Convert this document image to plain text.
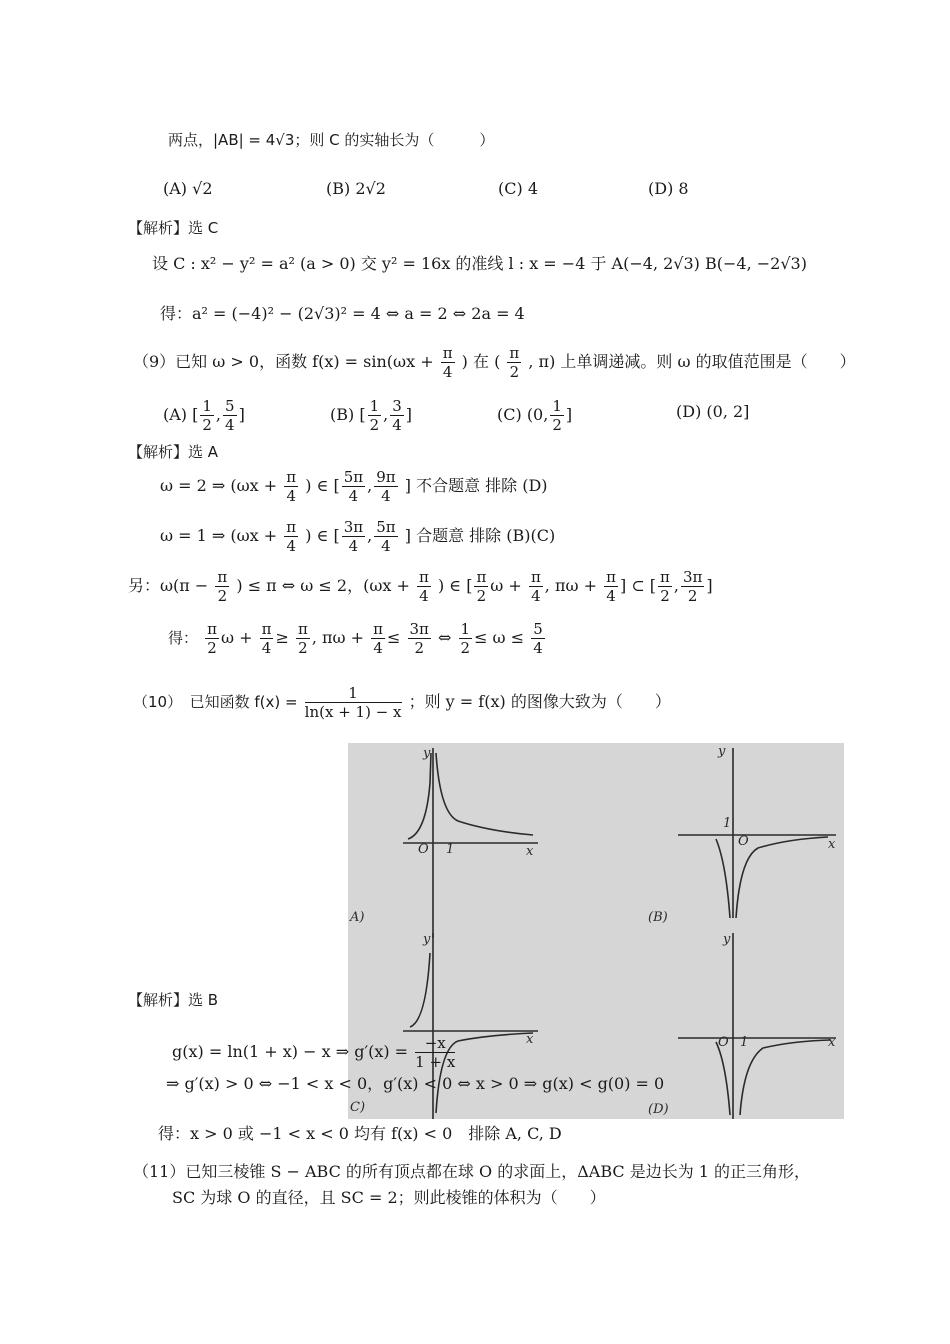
两点，|AB| = 4√3；则 C 的实轴长为（　　　）
(A) √2	(B) 2√2	(C) 4	(D) 8
【解析】选 C
设 C : x² − y² = a² (a > 0) 交 y² = 16x 的准线 l : x = −4 于 A(−4, 2√3) B(−4, −2√3)
得：a² = (−4)² − (2√3)² = 4 ⇔ a = 2 ⇔ 2a = 4
（9）已知 ω > 0，函数 $f(x) = \sin(\omega x + \frac{\pi}{4}$ ) 在 ( $\frac{\pi}{2}$ , π) 上单调递减。则 ω 的取值范围是（　　）
(A) [ $\frac{1}{2}$ , $\frac{5}{4}$ ]	(B) [ $\frac{1}{2}$ , $\frac{3}{4}$ ]	(C) (0, $\frac{1}{2}$ ]	(D) (0, 2]
【解析】选 A
ω = 2 ⇒ ($\omega x + \frac{\pi}{4}$ ) ∈ [ $\frac{5\pi}{4}$ , $\frac{9\pi}{4}$ ] 不合题意 排除 (D)
ω = 1 ⇒ ($\omega x + \frac{\pi}{4}$ ) ∈ [ $\frac{3\pi}{4}$ , $\frac{5\pi}{4}$ ] 合题意 排除 (B)(C)
另：$\omega(\pi - \frac{\pi}{2}$ ) ≤ π ⇔ ω ≤ 2，($\omega x + \frac{\pi}{4}$ ) ∈ [ $\frac{\pi}{2}$ $\omega + \frac{\pi}{4}$ , $\pi\omega + \frac{\pi}{4}$ ] ⊂ [ $\frac{\pi}{2}$ , $\frac{3\pi}{2}$ ]
得： $\frac{\pi}{2}$ $\omega + \frac{\pi}{4} \ge \frac{\pi}{2}$ , $\pi\omega + \frac{\pi}{4} \le \frac{3\pi}{2}$ ⇔ $\frac{1}{2} \le \omega \le \frac{5}{4}$
（10）　已知函数 $f(x) = \frac{1}{\ln(x + 1) - x}$ ；则 y = f(x) 的图像大致为（　　）
x
O 1
y
A)
x
1
O
y
(B)
x
y
C)
x
O 1
y
(D)
【解析】选 B
g(x) = ln(1 + x) − x ⇒ $g'(x) = \frac{-x}{1 + x}$
⇒ g′(x) > 0 ⇔ −1 < x < 0，g′(x) < 0 ⇔ x > 0 ⇒ g(x) < g(0) = 0
得：x > 0 或 −1 < x < 0 均有 f(x) < 0　排除 A, C, D
（11）已知三棱锥 S − ABC 的所有顶点都在球 O 的求面上，ΔABC 是边长为 1 的正三角形，
SC 为球 O 的直径，且 SC = 2；则此棱锥的体积为（　　）
